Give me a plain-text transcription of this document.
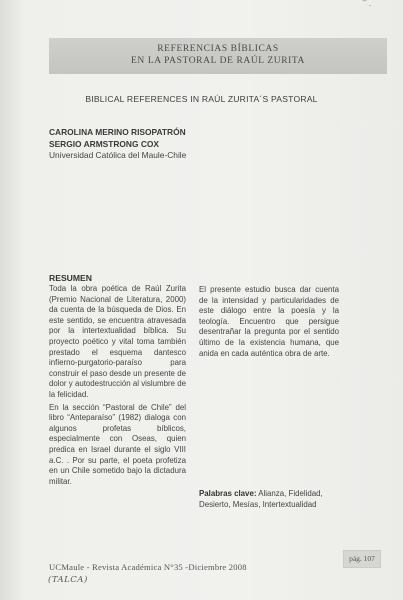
‾ ·
REFERENCIAS BÍBLICAS
EN LA PASTORAL DE RAÚL ZURITA
BIBLICAL REFERENCES IN RAÚL ZURITA´S PASTORAL
CAROLINA MERINO RISOPATRÓN
SERGIO ARMSTRONG COX
Universidad Católica del Maule-Chile
RESUMEN

Toda la obra poética de Raúl Zurita (Premio Nacional de Literatura, 2000) da cuenta de la búsqueda de Dios. En este sentido, se encuentra atravesada por la intertextualidad bíblica. Su proyecto poético y vital toma también prestado el esquema dantesco infierno-purgatorio-paraíso para construir el paso desde un presente de dolor y autodestrucción al vislumbre de la felicidad.

En la sección “Pastoral de Chile” del libro “Anteparaíso” (1982) dialoga con algunos profetas bíblicos, especialmente con Oseas, quien predica en Israel durante el siglo VIII a.C. . Por su parte, el poeta profetiza en un Chile sometido bajo la dictadura militar.

El presente estudio busca dar cuenta de la intensidad y particularidades de este diálogo entre la poesía y la teología. Encuentro que persigue desentrañar la pregunta por el sentido último de la existencia humana, que anida en cada auténtica obra de arte.

Palabras clave: Alianza, Fidelidad, Desierto, Mesías, Intertextualidad
UCMaule - Revista Académica N°35 -Diciembre 2008
(TALCA)
pág. 107
